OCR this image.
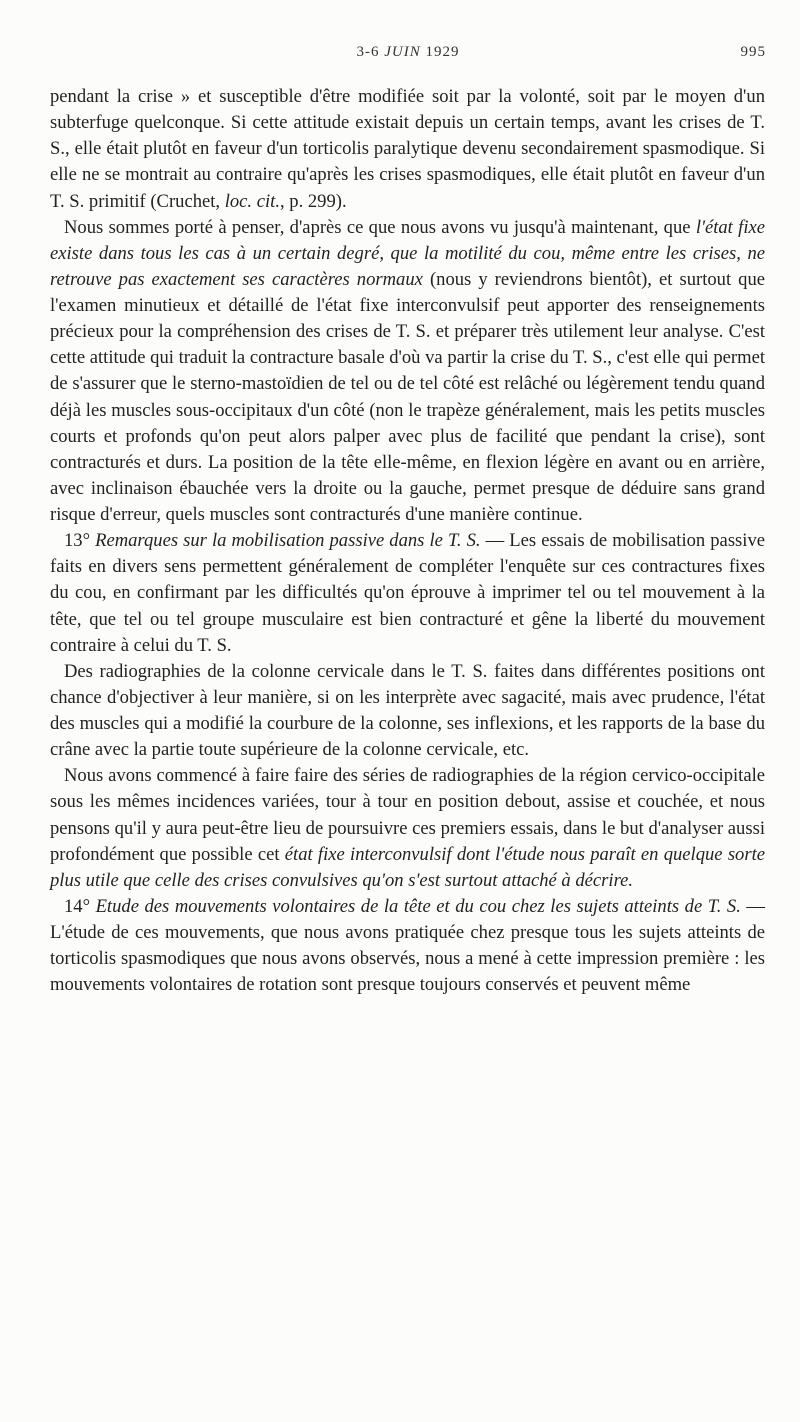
3-6 JUIN 1929	995

pendant la crise » et susceptible d'être modifiée soit par la volonté, soit par le moyen d'un subterfuge quelconque. Si cette attitude existait depuis un certain temps, avant les crises de T. S., elle était plutôt en faveur d'un torticolis paralytique devenu secondairement spasmodique. Si elle ne se montrait au contraire qu'après les crises spasmodiques, elle était plutôt en faveur d'un T. S. primitif (Cruchet, loc. cit., p. 299).

Nous sommes porté à penser, d'après ce que nous avons vu jusqu'à maintenant, que l'état fixe existe dans tous les cas à un certain degré, que la motilité du cou, même entre les crises, ne retrouve pas exactement ses caractères normaux (nous y reviendrons bientôt), et surtout que l'examen minutieux et détaillé de l'état fixe interconvulsif peut apporter des renseignements précieux pour la compréhension des crises de T. S. et préparer très utilement leur analyse. C'est cette attitude qui traduit la contracture basale d'où va partir la crise du T. S., c'est elle qui permet de s'assurer que le sterno-mastoïdien de tel ou de tel côté est relâché ou légèrement tendu quand déjà les muscles sous-occipitaux d'un côté (non le trapèze généralement, mais les petits muscles courts et profonds qu'on peut alors palper avec plus de facilité que pendant la crise), sont contracturés et durs. La position de la tête elle-même, en flexion légère en avant ou en arrière, avec inclinaison ébauchée vers la droite ou la gauche, permet presque de déduire sans grand risque d'erreur, quels muscles sont contracturés d'une manière continue.

13° Remarques sur la mobilisation passive dans le T. S. — Les essais de mobilisation passive faits en divers sens permettent généralement de compléter l'enquête sur ces contractures fixes du cou, en confirmant par les difficultés qu'on éprouve à imprimer tel ou tel mouvement à la tête, que tel ou tel groupe musculaire est bien contracturé et gêne la liberté du mouvement contraire à celui du T. S.

Des radiographies de la colonne cervicale dans le T. S. faites dans différentes positions ont chance d'objectiver à leur manière, si on les interprète avec sagacité, mais avec prudence, l'état des muscles qui a modifié la courbure de la colonne, ses inflexions, et les rapports de la base du crâne avec la partie toute supérieure de la colonne cervicale, etc.

Nous avons commencé à faire faire des séries de radiographies de la région cervico-occipitale sous les mêmes incidences variées, tour à tour en position debout, assise et couchée, et nous pensons qu'il y aura peut-être lieu de poursuivre ces premiers essais, dans le but d'analyser aussi profondément que possible cet état fixe interconvulsif dont l'étude nous paraît en quelque sorte plus utile que celle des crises convulsives qu'on s'est surtout attaché à décrire.

14° Etude des mouvements volontaires de la tête et du cou chez les sujets atteints de T. S. — L'étude de ces mouvements, que nous avons pratiquée chez presque tous les sujets atteints de torticolis spasmodiques que nous avons observés, nous a mené à cette impression première : les mouvements volontaires de rotation sont presque toujours conservés et peuvent même
